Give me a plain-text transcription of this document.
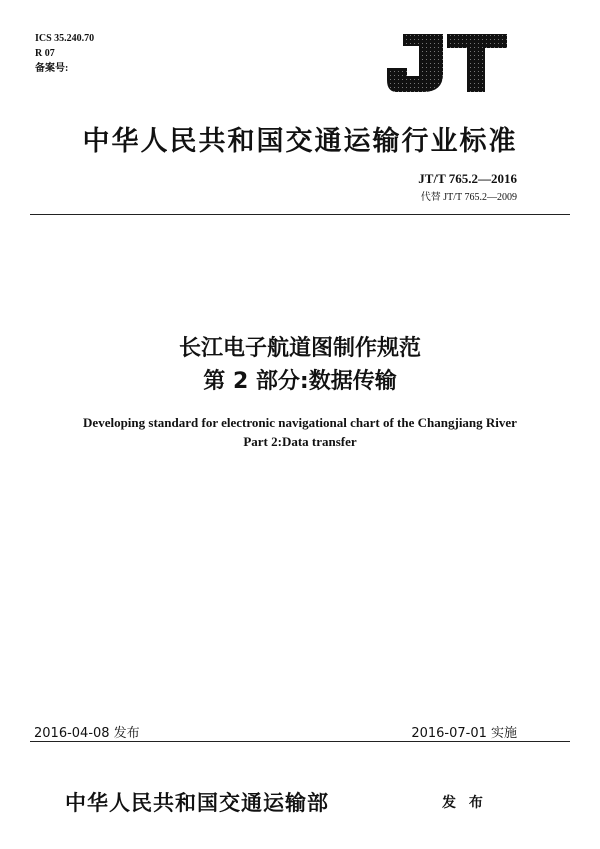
ICS 35.240.70
R 07
备案号:
中华人民共和国交通运输行业标准
JT/T 765.2—2016
代替 JT/T 765.2—2009
长江电子航道图制作规范
第 2 部分:数据传输
Developing standard for electronic navigational chart of the Changjiang River
Part 2:Data transfer
2016-04-08 发布	2016-07-01 实施
中华人民共和国交通运输部	发 布
